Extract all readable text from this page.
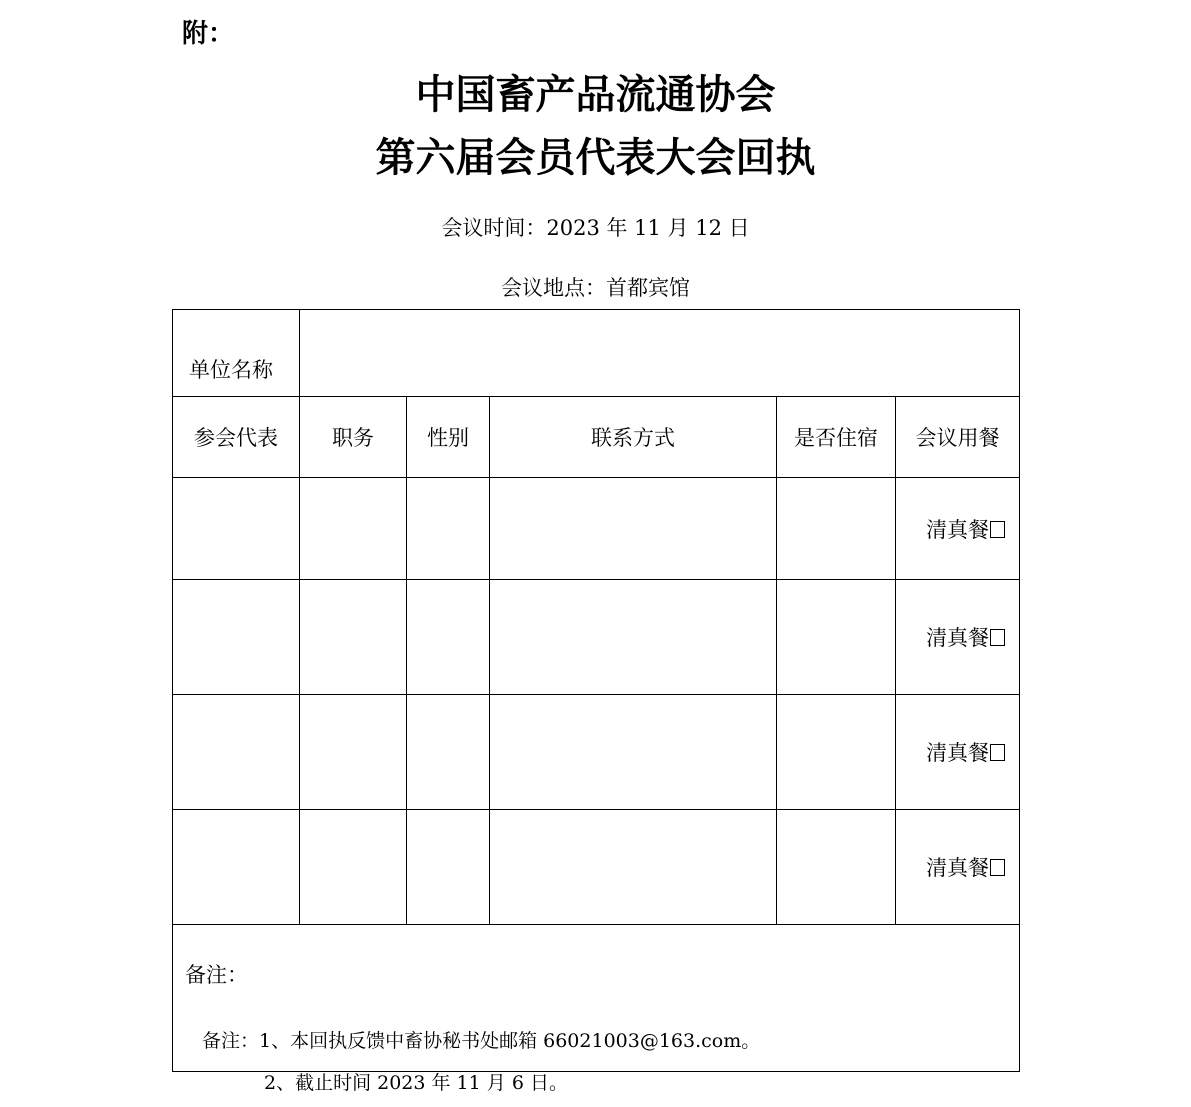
附：
中国畜产品流通协会
第六届会员代表大会回执
会议时间：2023 年 11 月 12 日
会议地点：首都宾馆
单位名称					
参会代表	职务	性别	联系方式	是否住宿	会议用餐
					清真餐
					清真餐
					清真餐
					清真餐
备注：					
备注：1、本回执反馈中畜协秘书处邮箱 66021003@163.com。
2、截止时间 2023 年 11 月 6 日。
